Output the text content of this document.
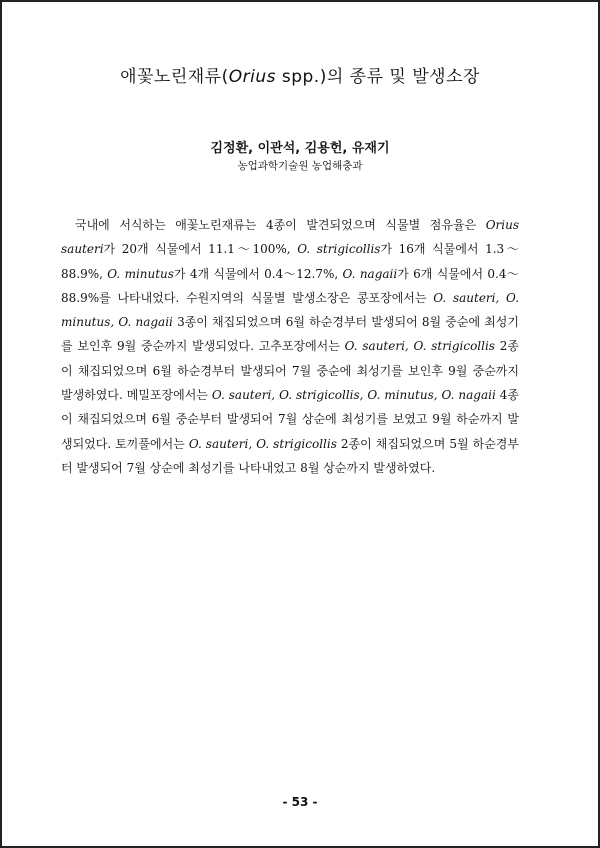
애꽃노린재류(Orius spp.)의 종류 및 발생소장
김정환, 이관석, 김용헌, 유재기
농업과학기술원 농업해충과

국내에 서식하는 애꽃노린재류는 4종이 발견되었으며 식물별 점유율은 Orius sauteri가 20개 식물에서 11.1～100%, O. strigicollis가 16개 식물에서 1.3～88.9%, O. minutus가 4개 식물에서 0.4～12.7%, O. nagaii가 6개 식물에서 0.4～88.9%를 나타내었다. 수원지역의 식물별 발생소장은 콩포장에서는 O. sauteri, O. minutus, O. nagaii 3종이 채집되었으며 6월 하순경부터 발생되어 8월 중순에 최성기를 보인후 9월 중순까지 발생되었다. 고추포장에서는 O. sauteri, O. strigicollis 2종이 채집되었으며 6월 하순경부터 발생되어 7월 중순에 최성기를 보인후 9월 중순까지 발생하였다. 메밀포장에서는 O. sauteri, O. strigicollis, O. minutus, O. nagaii 4종이 채집되었으며 6월 중순부터 발생되어 7월 상순에 최성기를 보였고 9월 하순까지 발생되었다. 토끼풀에서는 O. sauteri, O. strigicollis 2종이 채집되었으며 5월 하순경부터 발생되어 7월 상순에 최성기를 나타내었고 8월 상순까지 발생하였다.

- 53 -
